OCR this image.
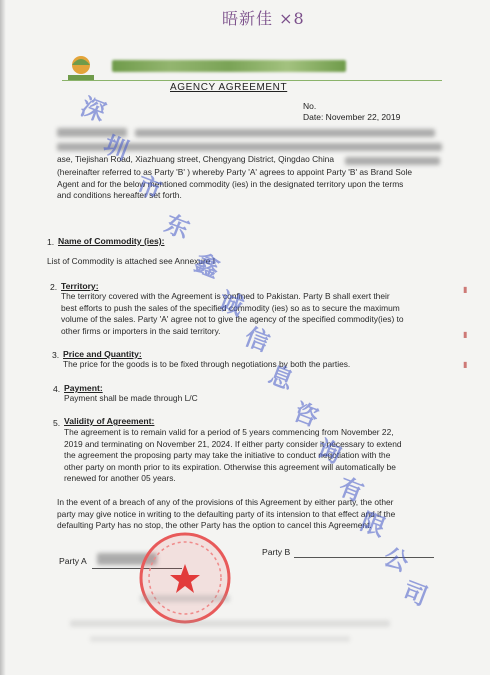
晤新佳 ×8
AGENCY AGREEMENT
No.
Date: November 22, 2019
ase, Tiejishan Road, Xiazhuang street, Chengyang District, Qingdao China
(hereinafter referred to as Party 'B' ) whereby Party 'A' agrees to appoint Party 'B' as Brand Sole
Agent and for the below mentioned commodity (ies) in the designated territory upon the terms
and conditions hereafter set forth.
1. Name of Commodity (ies):
List of Commodity is attached see Annexure I
2. Territory:
The territory covered with the Agreement is confined to Pakistan. Party B shall exert their
best efforts to push the sales of the specified commodity (ies) so as to secure the maximum
volume of the sales. Party 'A' agree not to give the agency of the specified commodity(ies) to
other firms or importers in the said territory.
3. Price and Quantity:
The price for the goods is to be fixed through negotiations by both the parties.
4. Payment:
Payment shall be made through L/C
5. Validity of Agreement:
The agreement is to remain valid for a period of 5 years commencing from November 22,
2019 and terminating on November 21, 2024. If either party consider it necessary to extend
the agreement the proposing party may take the initiative to conduct negotiation with the
other party on month prior to its expiration. Otherwise this agreement will automatically be
renewed for another 05 years.
In the event of a breach of any of the provisions of this Agreement by either party, the other
party may give notice in writing to the defaulting party of its intension to that effect and if the
defaulting Party has no stop, the other Party has the option to cancel this Agreement.
Party A
Party B
▮
▮
▮
深
圳
市
东
鑫
诚
信
息
咨
询
有
限
公
司
